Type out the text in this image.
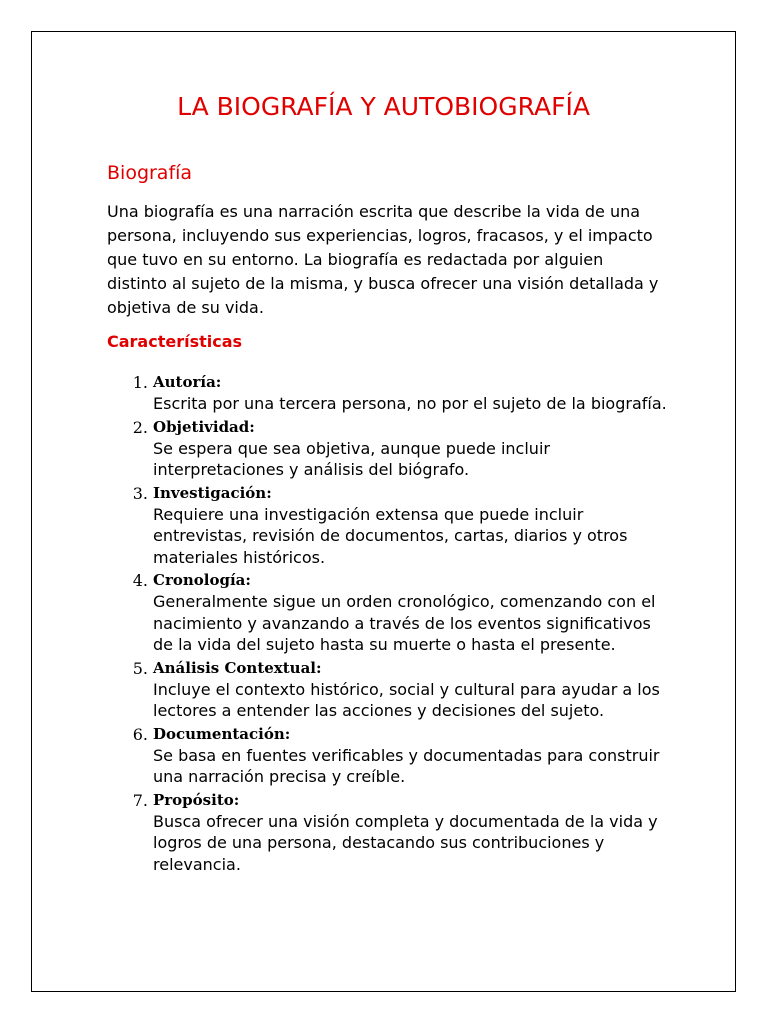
LA BIOGRAFÍA Y AUTOBIOGRAFÍA
Biografía

Una biografía es una narración escrita que describe la vida de una persona, incluyendo sus experiencias, logros, fracasos, y el impacto que tuvo en su entorno. La biografía es redactada por alguien distinto al sujeto de la misma, y busca ofrecer una visión detallada y objetiva de su vida.

Características
1. Autoría:
Escrita por una tercera persona, no por el sujeto de la biografía.
2. Objetividad:
Se espera que sea objetiva, aunque puede incluir interpretaciones y análisis del biógrafo.
3. Investigación:
Requiere una investigación extensa que puede incluir entrevistas, revisión de documentos, cartas, diarios y otros materiales históricos.
4. Cronología:
Generalmente sigue un orden cronológico, comenzando con el nacimiento y avanzando a través de los eventos significativos de la vida del sujeto hasta su muerte o hasta el presente.
5. Análisis Contextual:
Incluye el contexto histórico, social y cultural para ayudar a los lectores a entender las acciones y decisiones del sujeto.
6. Documentación:
Se basa en fuentes verificables y documentadas para construir una narración precisa y creíble.
7. Propósito:
Busca ofrecer una visión completa y documentada de la vida y logros de una persona, destacando sus contribuciones y relevancia.
